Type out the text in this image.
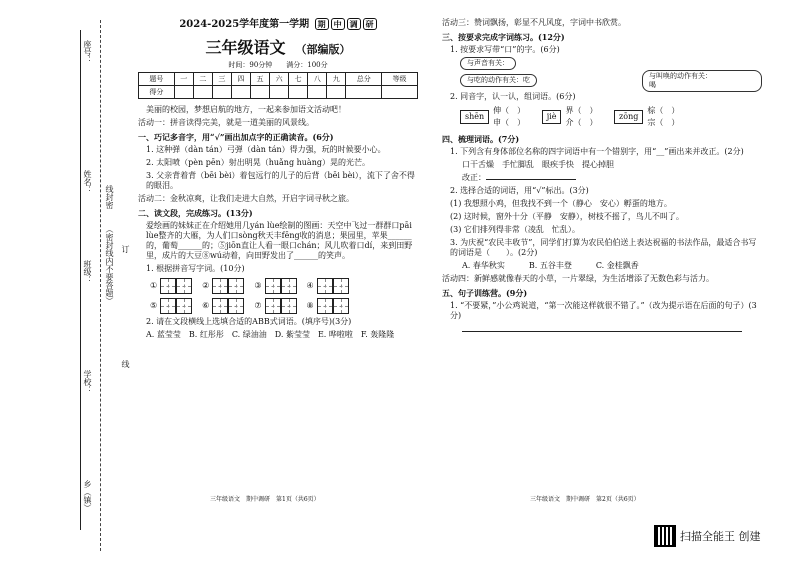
座号：
姓名：
班级：
学校：
乡（镇）
线封密
（密封线内不要答题） 订
线
2024-2025学年度第一学期 期 中 调 研
三年级语文 （部编版）
时间：90分钟　　满分：100分
题号	一	二	三	四	五	六	七	八	九	总分	等级
得分											
美丽的校园，梦想启航的地方，一起来参加语文活动吧！
活动一：拼音读得完美，就是一道美丽的风景线。
一、巧记多音字，用“√”画出加点字的正确读音。(6分)
1. 这种弹（dàn tán）弓弹（dàn tán）得力强，玩的时候要小心。
2. 太阳喷（pèn pēn）射出明晃（huǎng huàng）晃的光芒。
3. 父亲背着背（bēi bèi）着包远行的儿子的后背（bēi bèi），流下了舍不得的眼泪。
活动二：金秋凉爽，让我们走进大自然，开启字词寻秋之旅。
二、读文段，完成练习。(13分)
爱绘画的妹妹正在介绍她用几yán lùe绘制的图画：天空中飞过一群群口pāi lùe整齐的大雁，为人们口sòng秋天丰fēng收的消息；果园里，苹果______的，葡萄______的；⑤jiōn直让人看一眼口chán；风儿吹着口dí，来到田野里，成片的大豆⑧wú动着，向田野发出了______的笑声。
1. 根据拼音写字词。(10分)
①	②	③	④
⑤	⑥	⑦	⑧
2. 请在文段横线上选填合适的ABB式词语。(填序号)(3分)
A. 蓝莹莹　B. 红彤彤　C. 绿油油　D. 紫莹莹　E. 哗啦啦　F. 轰隆隆
三年级语文　期中调研　第1页（共6页）
活动三：赞词飘扬，彰显不凡风度，字词中书欣赏。
三、按要求完成字词练习。(12分)
1. 按要求写带“口”的字。(6分)
与声音有关： 与吃的动作有关：吃	与叫唤的动作有关：
喝
2. 同音字，认一认，组词语。(6分)
shēn
伸（　）
申（　）

jiè
界（　）
介（　）

zōng
棕（　）
宗（　）
四、梳理词语。(7分)
1. 下列含有身体部位名称的四字词语中有一个错别字，用“__”画出来并改正。(2分)
口干舌燥　手忙脚乱　眼疾手快　提心掉胆
改正：
2. 选择合适的词语，用“√”标出。(3分)
(1) 我想照小鸡，但我找不到一个（静心　安心）孵蛋的地方。
(2) 这时候，窗外十分（平静　安静），树枝不摇了，鸟儿不叫了。
(3) 它们排列得非常（凌乱　忙乱）。
3. 为庆祝“农民丰收节”，同学们打算为农民伯伯送上表达祝福的书法作品，最适合书写的词语是（　　）。(2分)
A. 春华秋实　　　B. 五谷丰登　　　C. 金桂飘香
活动四：新鲜感就像春天的小草，一片翠绿，为生活增添了无数色彩与活力。
五、句子训练营。(9分)
1. “不要紧，”小公鸡说道，“第一次能这样就很不错了。”（改为提示语在后面的句子）(3分)
三年级语文　期中调研　第2页（共6页）
扫描全能王 创建
